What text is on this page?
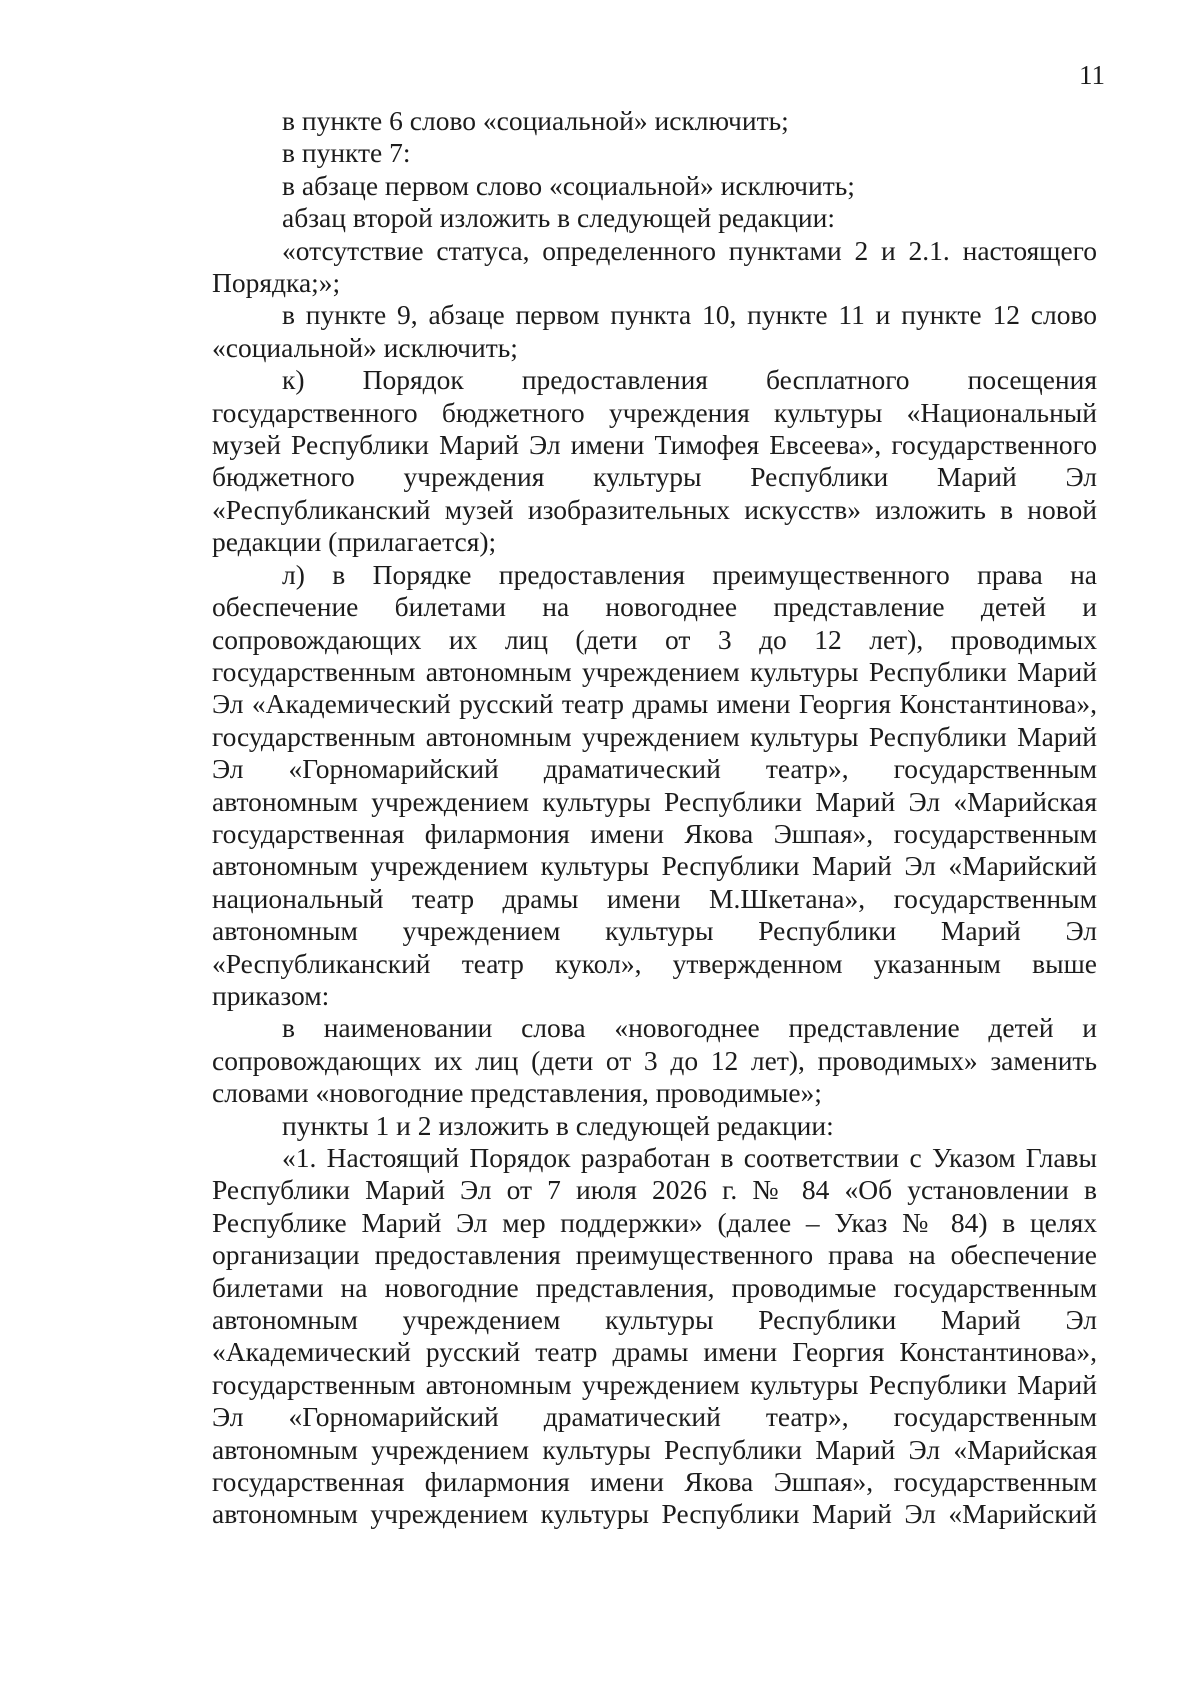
11

в пункте 6 слово «социальной» исключить;

в пункте 7:

в абзаце первом слово «социальной» исключить;

абзац второй изложить в следующей редакции:

«отсутствие статуса, определенного пунктами 2 и 2.1. настоящего Порядка;»;

в пункте 9, абзаце первом пункта 10, пункте 11 и пункте 12 слово «социальной» исключить;

к) Порядок предоставления бесплатного посещения государственного бюджетного учреждения культуры «Национальный музей Республики Марий Эл имени Тимофея Евсеева», государственного бюджетного учреждения культуры Республики Марий Эл «Республиканский музей изобразительных искусств» изложить в новой редакции (прилагается);

л) в Порядке предоставления преимущественного права на обеспечение билетами на новогоднее представление детей и сопровождающих их лиц (дети от 3 до 12 лет), проводимых государственным автономным учреждением культуры Республики Марий Эл «Академический русский театр драмы имени Георгия Константинова», государственным автономным учреждением культуры Республики Марий Эл «Горномарийский драматический театр», государственным автономным учреждением культуры Республики Марий Эл «Марийская государственная филармония имени Якова Эшпая», государственным автономным учреждением культуры Республики Марий Эл «Марийский национальный театр драмы имени М.Шкетана», государственным автономным учреждением культуры Республики Марий Эл «Республиканский театр кукол», утвержденном указанным выше приказом:

в наименовании слова «новогоднее представление детей и сопровождающих их лиц (дети от 3 до 12 лет), проводимых» заменить словами «новогодние представления, проводимые»;

пункты 1 и 2 изложить в следующей редакции:

«1. Настоящий Порядок разработан в соответствии с Указом Главы Республики Марий Эл от 7 июля 2026 г. № 84 «Об установлении в Республике Марий Эл мер поддержки» (далее – Указ № 84) в целях организации предоставления преимущественного права на обеспечение билетами на новогодние представления, проводимые государственным автономным учреждением культуры Республики Марий Эл «Академический русский театр драмы имени Георгия Константинова», государственным автономным учреждением культуры Республики Марий Эл «Горномарийский драматический театр», государственным автономным учреждением культуры Республики Марий Эл «Марийская государственная филармония имени Якова Эшпая», государственным автономным учреждением культуры Республики Марий Эл «Марийский
